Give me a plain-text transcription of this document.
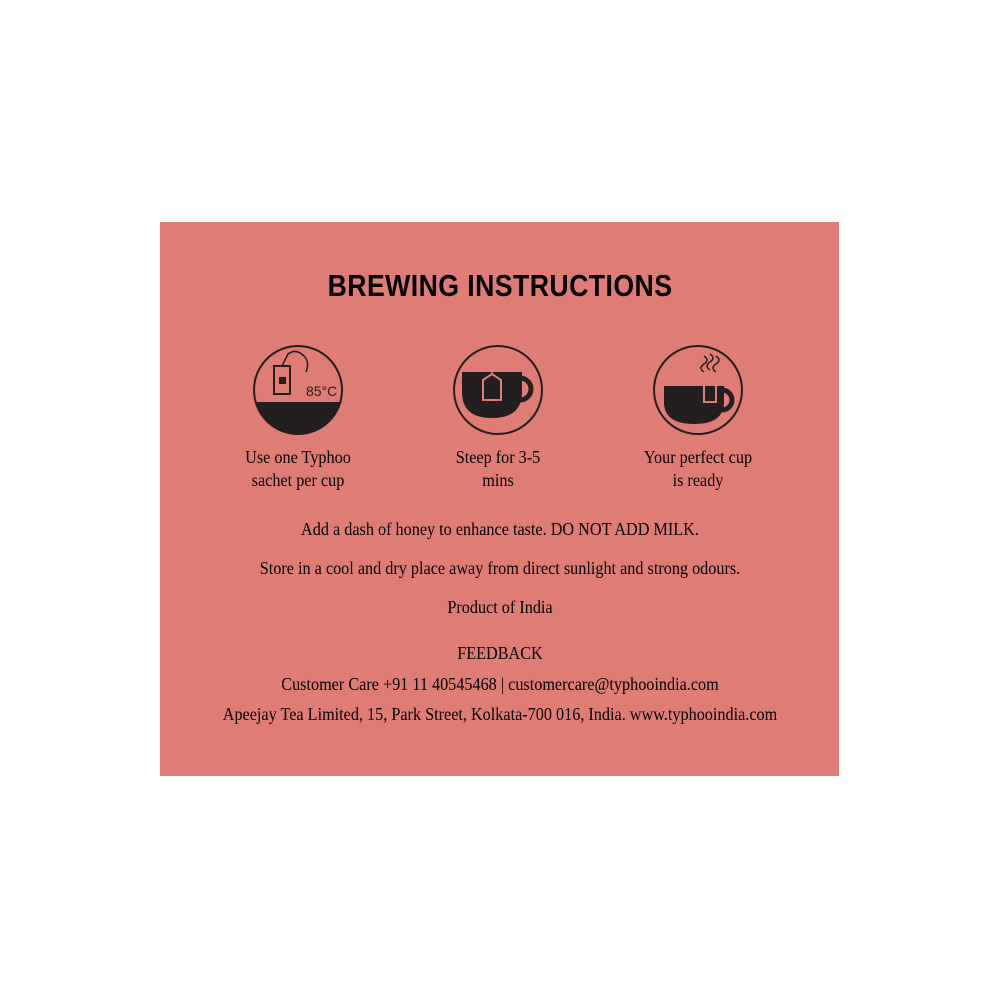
BREWING INSTRUCTIONS
85°C
Use one Typhoo
sachet per cup
Steep for 3-5
mins
Your perfect cup
is ready
Add a dash of honey to enhance taste. DO NOT ADD MILK.
Store in a cool and dry place away from direct sunlight and strong odours.
Product of India
FEEDBACK
Customer Care +91 11 40545468 | customercare@typhooindia.com
Apeejay Tea Limited, 15, Park Street, Kolkata-700 016, India. www.typhooindia.com
